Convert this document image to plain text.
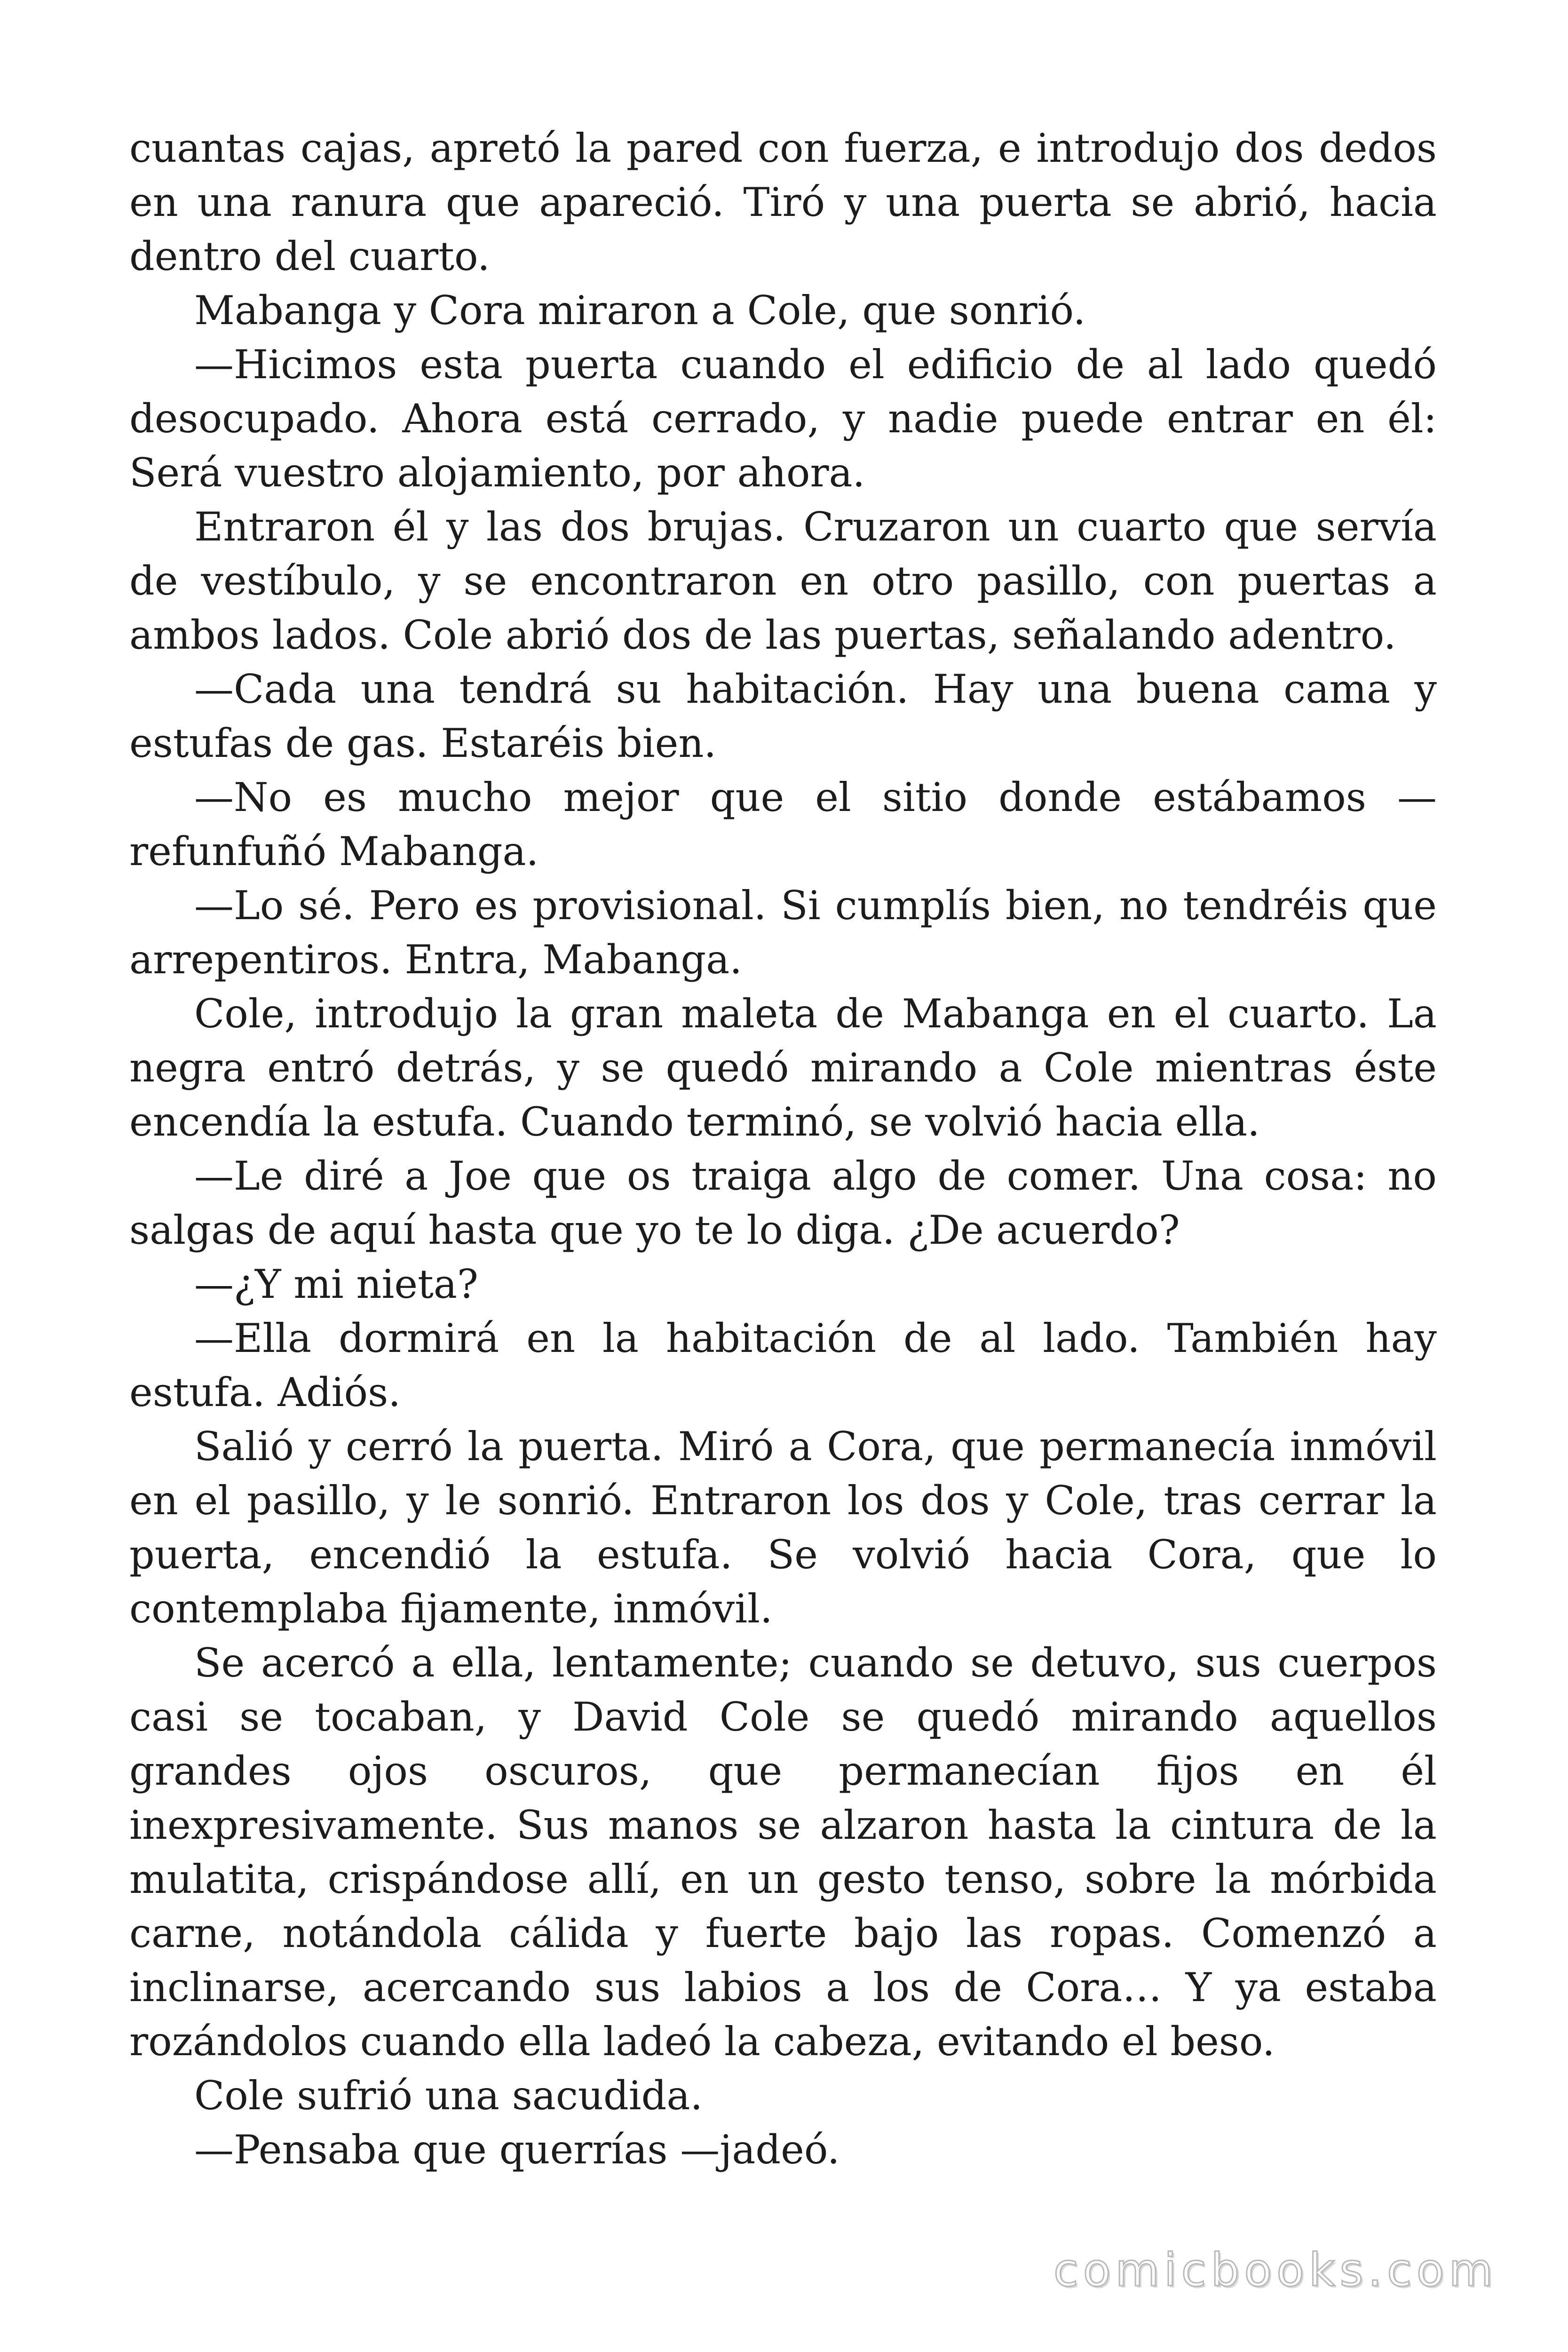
cuantas cajas, apretó la pared con fuerza, e introdujo dos dedos en una ranura que apareció. Tiró y una puerta se abrió, hacia dentro del cuarto.

Mabanga y Cora miraron a Cole, que sonrió.

—Hicimos esta puerta cuando el edificio de al lado quedó desocupado. Ahora está cerrado, y nadie puede entrar en él: Será vuestro alojamiento, por ahora.

Entraron él y las dos brujas. Cruzaron un cuarto que servía de vestíbulo, y se encontraron en otro pasillo, con puertas a ambos lados. Cole abrió dos de las puertas, señalando adentro.

—Cada una tendrá su habitación. Hay una buena cama y estufas de gas. Estaréis bien.

—No es mucho mejor que el sitio donde estábamos —refunfuñó Mabanga.

—Lo sé. Pero es provisional. Si cumplís bien, no tendréis que arrepentiros. Entra, Mabanga.

Cole, introdujo la gran maleta de Mabanga en el cuarto. La negra entró detrás, y se quedó mirando a Cole mientras éste encendía la estufa. Cuando terminó, se volvió hacia ella.

—Le diré a Joe que os traiga algo de comer. Una cosa: no salgas de aquí hasta que yo te lo diga. ¿De acuerdo?

—¿Y mi nieta?

—Ella dormirá en la habitación de al lado. También hay estufa. Adiós.

Salió y cerró la puerta. Miró a Cora, que permanecía inmóvil en el pasillo, y le sonrió. Entraron los dos y Cole, tras cerrar la puerta, encendió la estufa. Se volvió hacia Cora, que lo contemplaba fijamente, inmóvil.

Se acercó a ella, lentamente; cuando se detuvo, sus cuerpos casi se tocaban, y David Cole se quedó mirando aquellos grandes ojos oscuros, que permanecían fijos en él inexpresivamente. Sus manos se alzaron hasta la cintura de la mulatita, crispándose allí, en un gesto tenso, sobre la mórbida carne, notándola cálida y fuerte bajo las ropas. Comenzó a inclinarse, acercando sus labios a los de Cora… Y ya estaba rozándolos cuando ella ladeó la cabeza, evitando el beso.

Cole sufrió una sacudida.

—Pensaba que querrías —jadeó.

comicbooks.com
